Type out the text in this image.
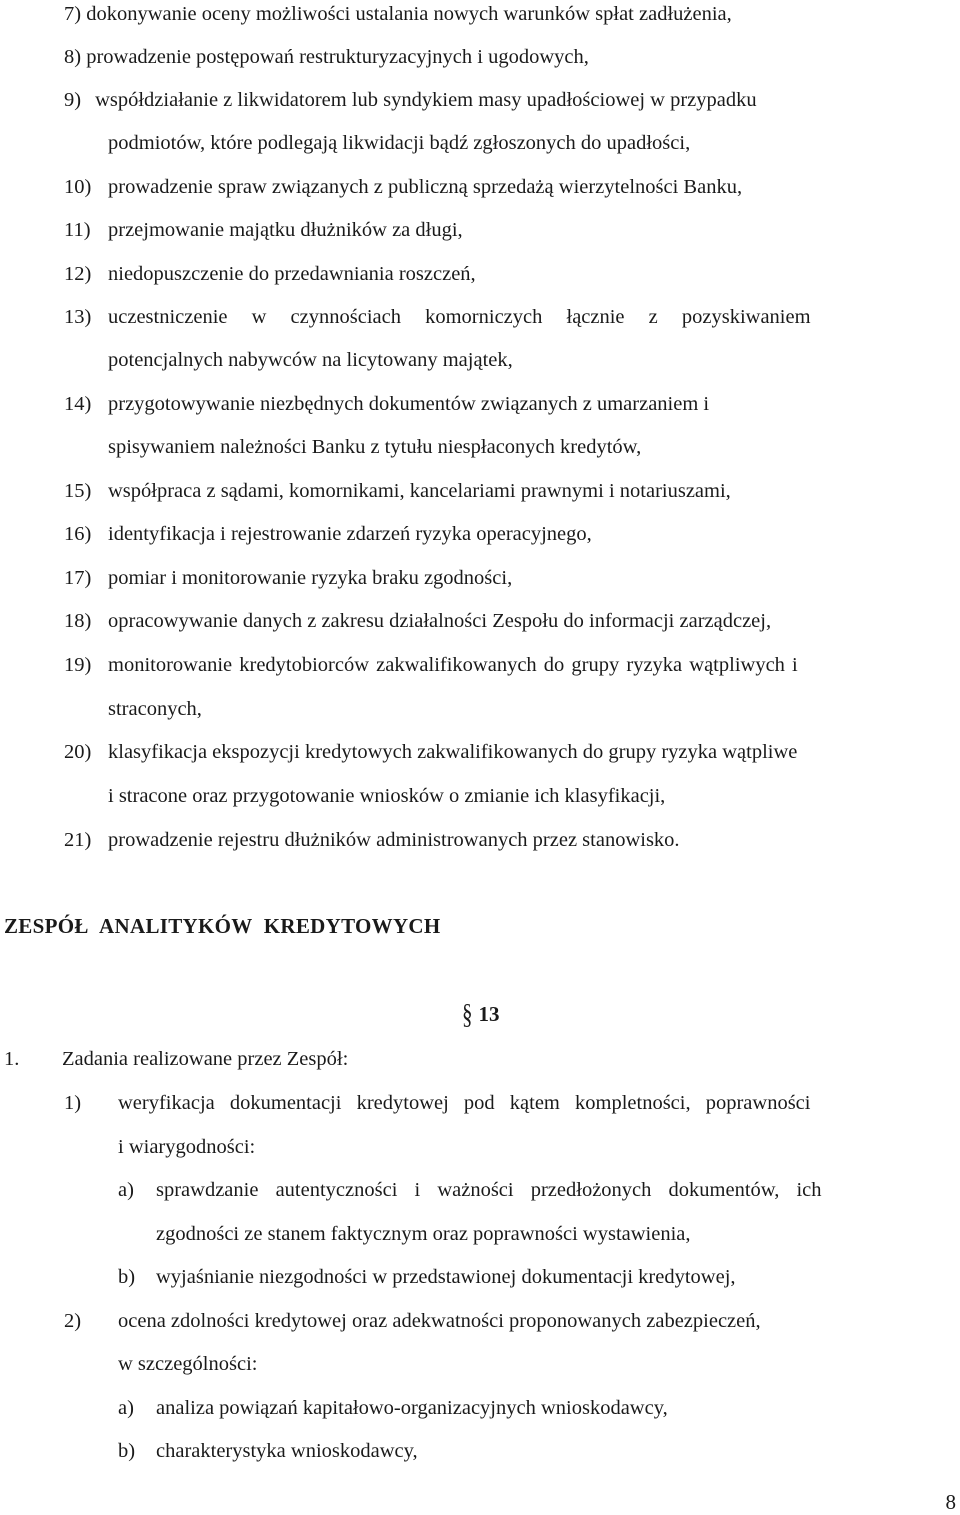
7) dokonywanie oceny możliwości ustalania nowych warunków spłat zadłużenia,
8) prowadzenie postępowań restrukturyzacyjnych i ugodowych,
9) współdziałanie z likwidatorem lub syndykiem masy upadłościowej w przypadku
podmiotów, które podlegają likwidacji bądź zgłoszonych do upadłości,
10) prowadzenie spraw związanych z publiczną sprzedażą wierzytelności Banku,
11) przejmowanie majątku dłużników za długi,
12) niedopuszczenie do przedawniania roszczeń,
13) uczestniczenie w czynnościach komorniczych łącznie z pozyskiwaniem
potencjalnych nabywców na licytowany majątek,
14) przygotowywanie niezbędnych dokumentów związanych z umarzaniem i
spisywaniem należności Banku z tytułu niespłaconych kredytów,
15) współpraca z sądami, komornikami, kancelariami prawnymi i notariuszami,
16) identyfikacja i rejestrowanie zdarzeń ryzyka operacyjnego,
17) pomiar i monitorowanie ryzyka braku zgodności,
18) opracowywanie danych z zakresu działalności Zespołu do informacji zarządczej,
19) monitorowanie kredytobiorców zakwalifikowanych do grupy ryzyka wątpliwych i
straconych,
20) klasyfikacja ekspozycji kredytowych zakwalifikowanych do grupy ryzyka wątpliwe
i stracone oraz przygotowanie wniosków o zmianie ich klasyfikacji,
21) prowadzenie rejestru dłużników administrowanych przez stanowisko.
ZESPÓŁ ANALITYKÓW KREDYTOWYCH
§ 13
1. Zadania realizowane przez Zespół:
1) weryfikacja dokumentacji kredytowej pod kątem kompletności, poprawności
i wiarygodności:
a) sprawdzanie autentyczności i ważności przedłożonych dokumentów, ich
zgodności ze stanem faktycznym oraz poprawności wystawienia,
b) wyjaśnianie niezgodności w przedstawionej dokumentacji kredytowej,
2) ocena zdolności kredytowej oraz adekwatności proponowanych zabezpieczeń,
w szczególności:
a) analiza powiązań kapitałowo-organizacyjnych wnioskodawcy,
b) charakterystyka wnioskodawcy,
8
